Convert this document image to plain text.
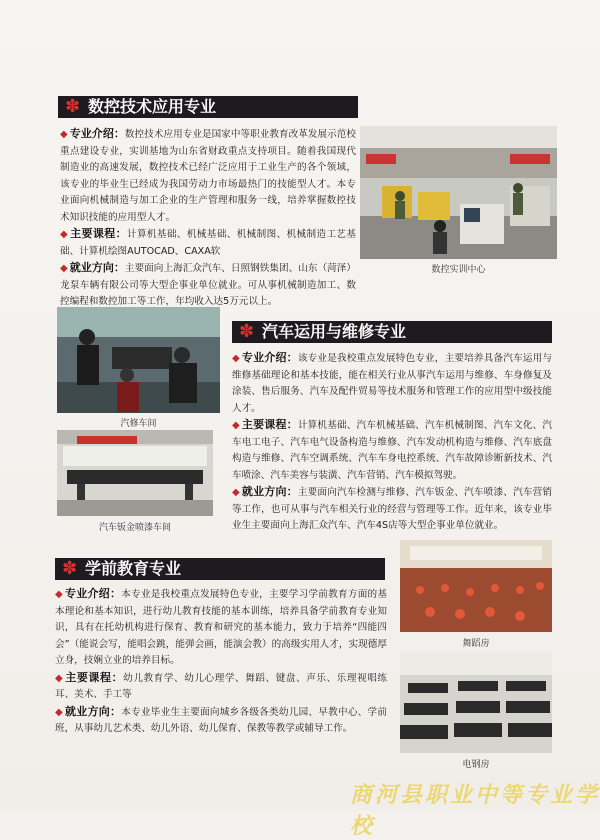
✽ 数控技术应用专业
◆ 专业介绍：数控技术应用专业是国家中等职业教育改革发展示范校重点建设专业，实训基地为山东省财政重点支持项目。随着我国现代制造业的高速发展，数控技术已经广泛应用于工业生产的各个领域，该专业的毕业生已经成为我国劳动力市场最热门的技能型人才。本专业面向机械制造与加工企业的生产管理和服务一线，培养掌握数控技术知识技能的应用型人才。
◆ 主要课程：计算机基础、机械基础、机械制图、机械制造工艺基础、计算机绘图AUTOCAD、CAXA软
◆ 就业方向：主要面向上海汇众汽车、日照钢铁集团、山东（菏泽）龙泵车辆有限公司等大型企事业单位就业。可从事机械制造加工、数控编程和数控加工等工作，年均收入达5万元以上。
数控实训中心
汽修车间
汽车钣金喷漆车间
✽ 汽车运用与维修专业
◆ 专业介绍：该专业是我校重点发展特色专业，主要培养具备汽车运用与维修基础理论和基本技能，能在相关行业从事汽车运用与维修、车身修复及涂装、售后服务、汽车及配件贸易等技术服务和管理工作的应用型中级技能人才。
◆ 主要课程：计算机基础、汽车机械基础、汽车机械制图、汽车文化、汽车电工电子、汽车电气设备构造与维修、汽车发动机构造与维修、汽车底盘构造与维修、汽车空调系统、汽车车身电控系统、汽车故障诊断新技术、汽车喷涂、汽车美容与装潢、汽车营销、汽车模拟驾驶。
◆ 就业方向：主要面向汽车检测与维修、汽车钣金、汽车喷漆、汽车营销等工作，也可从事与汽车相关行业的经营与管理等工作。近年来，该专业毕业生主要面向上海汇众汽车、汽车4S店等大型企事业单位就业。
✽ 学前教育专业
◆ 专业介绍：本专业是我校重点发展特色专业，主要学习学前教育方面的基本理论和基本知识，进行幼儿教育技能的基本训练，培养具备学前教育专业知识，具有在托幼机构进行保育、教育和研究的基本能力，致力于培养“四能四会”（能说会写，能唱会跳，能弹会画，能演会教）的高级实用人才，实现德厚立身，技娴立业的培养目标。
◆ 主要课程：幼儿教育学、幼儿心理学、舞蹈、键盘、声乐、乐理视唱练耳、美术、手工等
◆ 就业方向：本专业毕业生主要面向城乡各级各类幼儿园、早教中心、学前班，从事幼儿艺术类、幼儿外语、幼儿保育、保教等教学或辅导工作。
舞蹈房
电钢房
商河县职业中等专业学校
